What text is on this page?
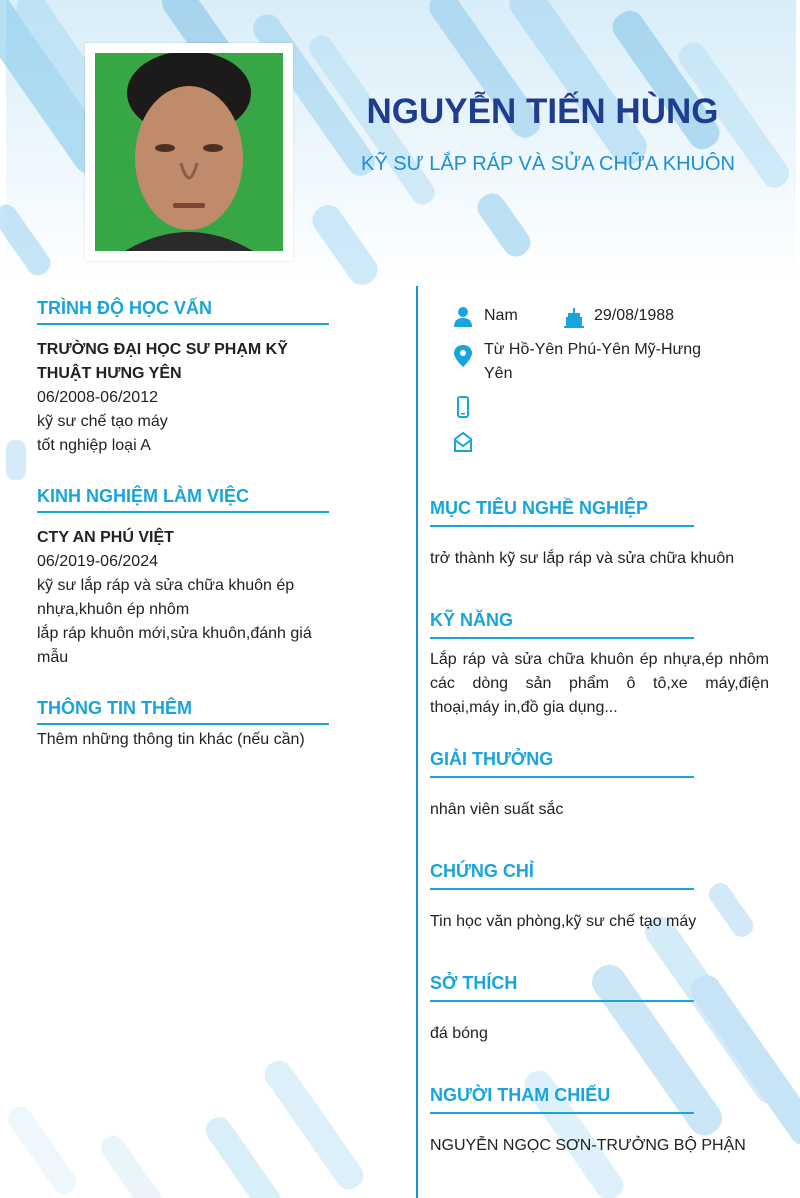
NGUYỄN TIẾN HÙNG
KỸ SƯ LẮP RÁP VÀ SỬA CHỮA KHUÔN
TRÌNH ĐỘ HỌC VẤN
TRƯỜNG ĐẠI HỌC SƯ PHẠM KỸ
THUẬT HƯNG YÊN
06/2008-06/2012
kỹ sư chế tạo máy
tốt nghiệp loại A
KINH NGHIỆM LÀM VIỆC
CTY AN PHÚ VIỆT
06/2019-06/2024
kỹ sư lắp ráp và sửa chữa khuôn ép
nhựa,khuôn ép nhôm
lắp ráp khuôn mới,sửa khuôn,đánh giá
mẫu
THÔNG TIN THÊM
Thêm những thông tin khác (nếu cần)
Nam	29/08/1988
Từ Hồ-Yên Phú-Yên Mỹ-Hưng
Yên
MỤC TIÊU NGHỀ NGHIỆP
trở thành kỹ sư lắp ráp và sửa chữa khuôn
KỸ NĂNG
Lắp ráp và sửa chữa khuôn ép nhựa,ép nhôm
các dòng sản phẩm ô tô,xe máy,điện
thoại,máy in,đồ gia dụng...
GIẢI THƯỞNG
nhân viên suất sắc
CHỨNG CHỈ
Tin học văn phòng,kỹ sư chế tạo máy
SỞ THÍCH
đá bóng
NGƯỜI THAM CHIẾU
NGUYỄN NGỌC SƠN-TRƯỞNG BỘ PHẬN
